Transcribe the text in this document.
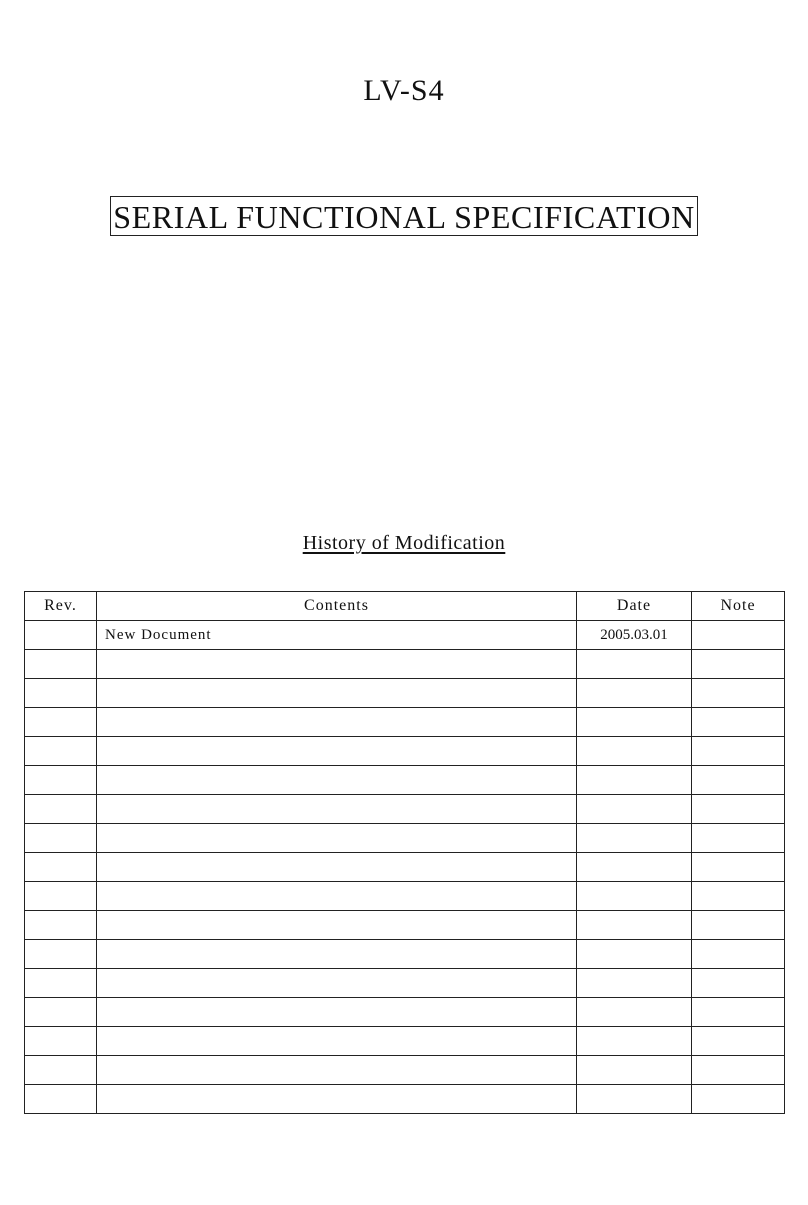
LV-S4
SERIAL FUNCTIONAL SPECIFICATION
History of Modification
Rev.	Contents	Date	Note
	New Document	2005.03.01	
